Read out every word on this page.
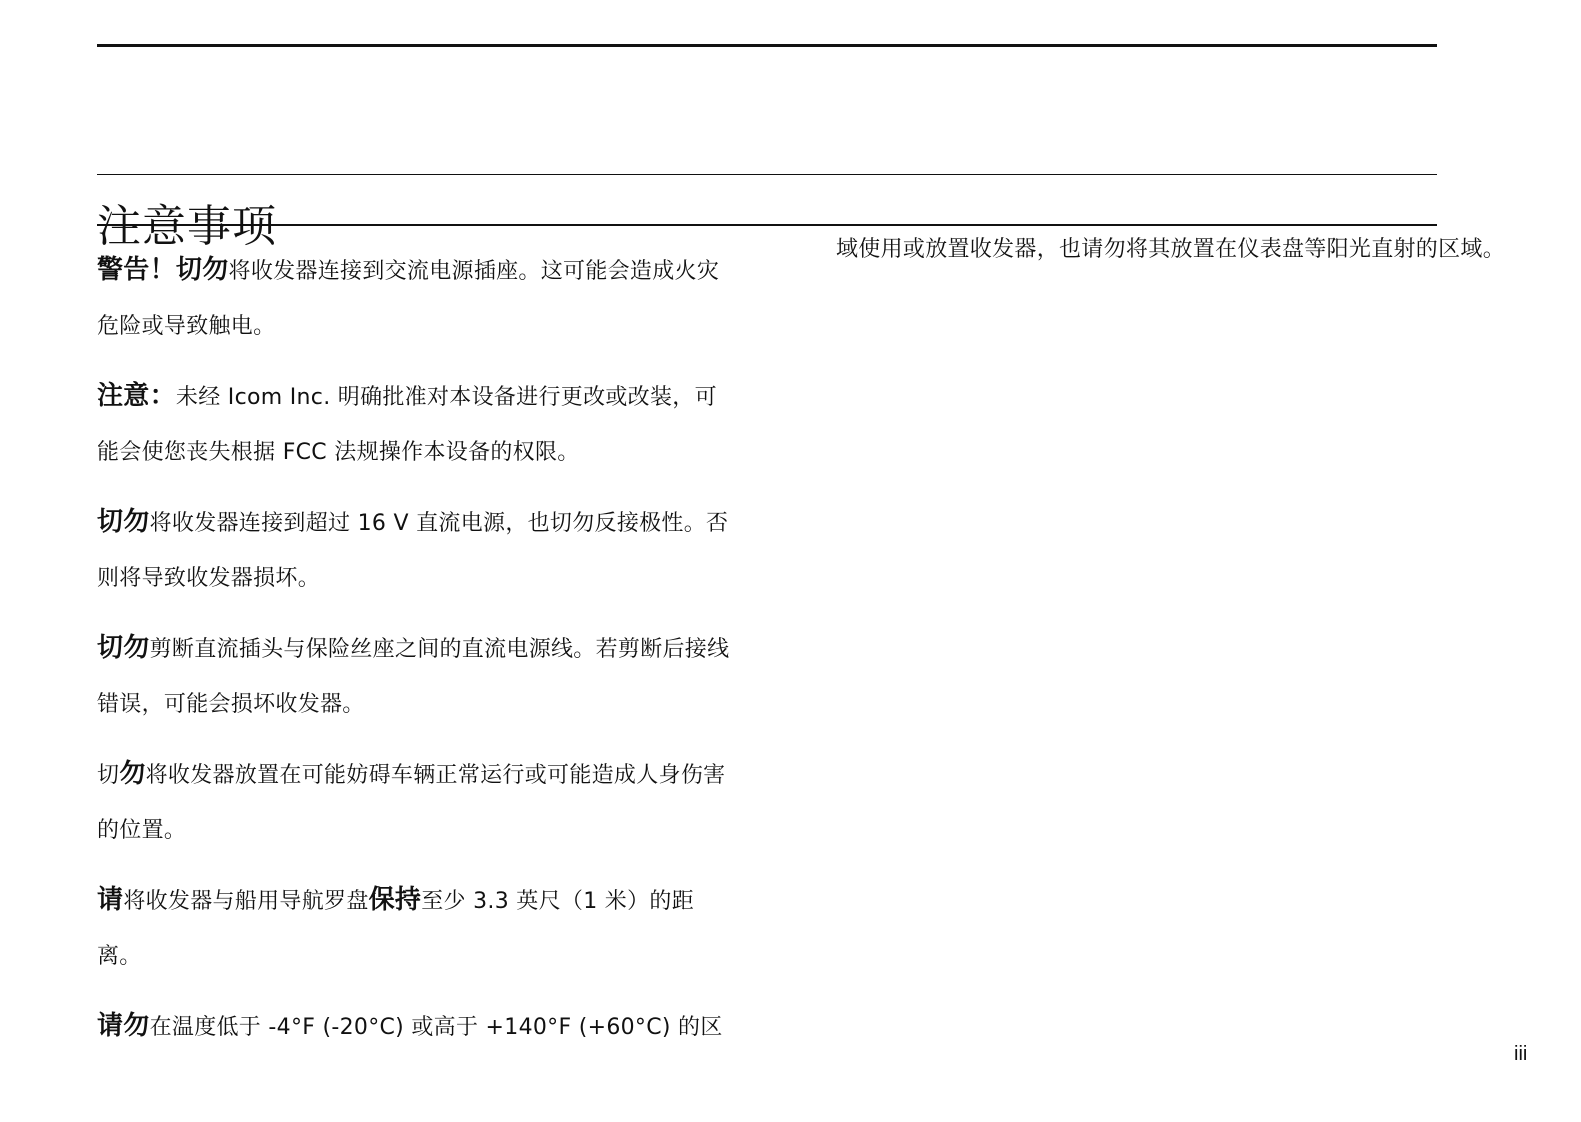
注意事项

警告！切勿将收发器连接到交流电源插座。这可能会造成火灾危险或导致触电。

注意：未经 Icom Inc. 明确批准对本设备进行更改或改装，可能会使您丧失根据 FCC 法规操作本设备的权限。

切勿将收发器连接到超过 16 V 直流电源，也切勿反接极性。否则将导致收发器损坏。

切勿剪断直流插头与保险丝座之间的直流电源线。若剪断后接线错误，可能会损坏收发器。

切勿将收发器放置在可能妨碍车辆正常运行或可能造成人身伤害的位置。

请将收发器与船用导航罗盘保持至少 3.3 英尺（1 米）的距离。

请勿在温度低于 -4°F (-20°C) 或高于 +140°F (+60°C) 的区

域使用或放置收发器，也请勿将其放置在仪表盘等阳光直射的区域。
iii
